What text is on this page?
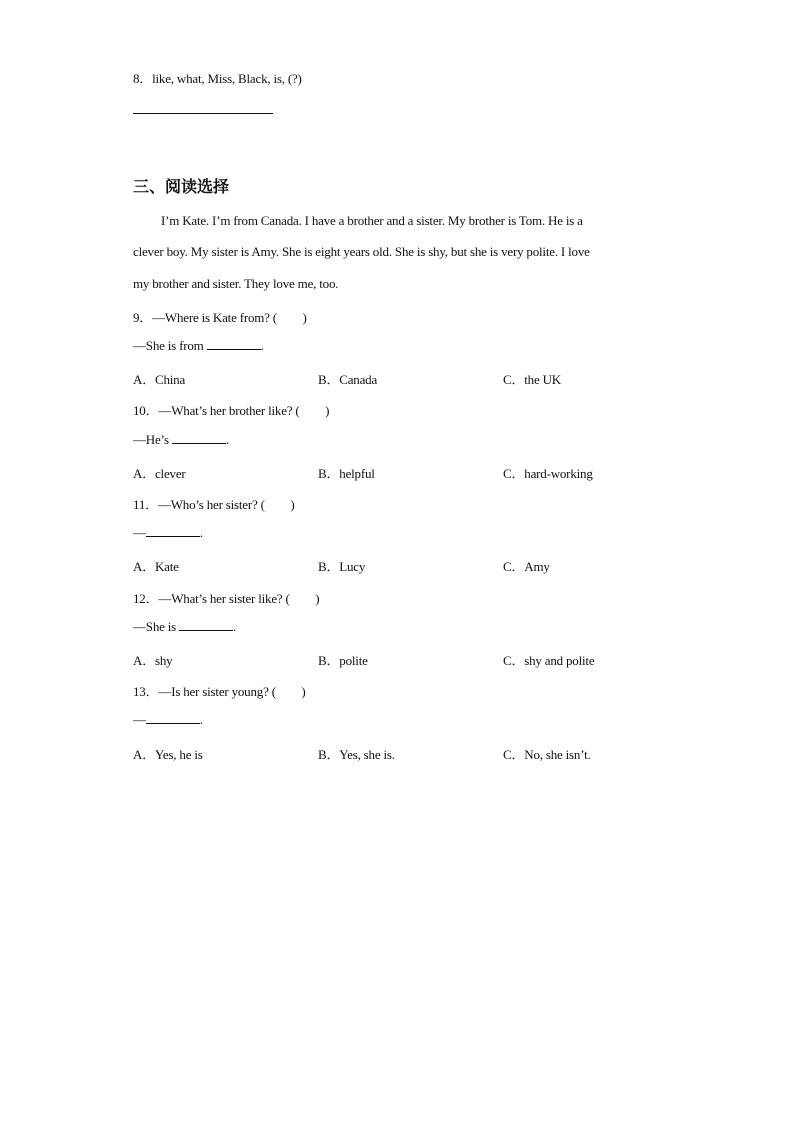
8．like, what, Miss, Black, is, (?)
三、阅读选择
I’m Kate. I’m from Canada. I have a brother and a sister. My brother is Tom. He is a
clever boy. My sister is Amy. She is eight years old. She is shy, but she is very polite. I love
my brother and sister. They love me, too.
9．—Where is Kate from? (　　)
—She is from	.
A．China	B．Canada	C．the UK
10．—What’s her brother like? (　　)
—He’s	.
A．clever	B．helpful	C．hard-working
11．—Who’s her sister? (　　)
—	.
A．Kate	B．Lucy	C．Amy
12．—What’s her sister like? (　　)
—She is	.
A．shy	B．polite	C．shy and polite
13．—Is her sister young? (　　)
—	.
A．Yes, he is	B．Yes, she is.	C．No, she isn’t.
